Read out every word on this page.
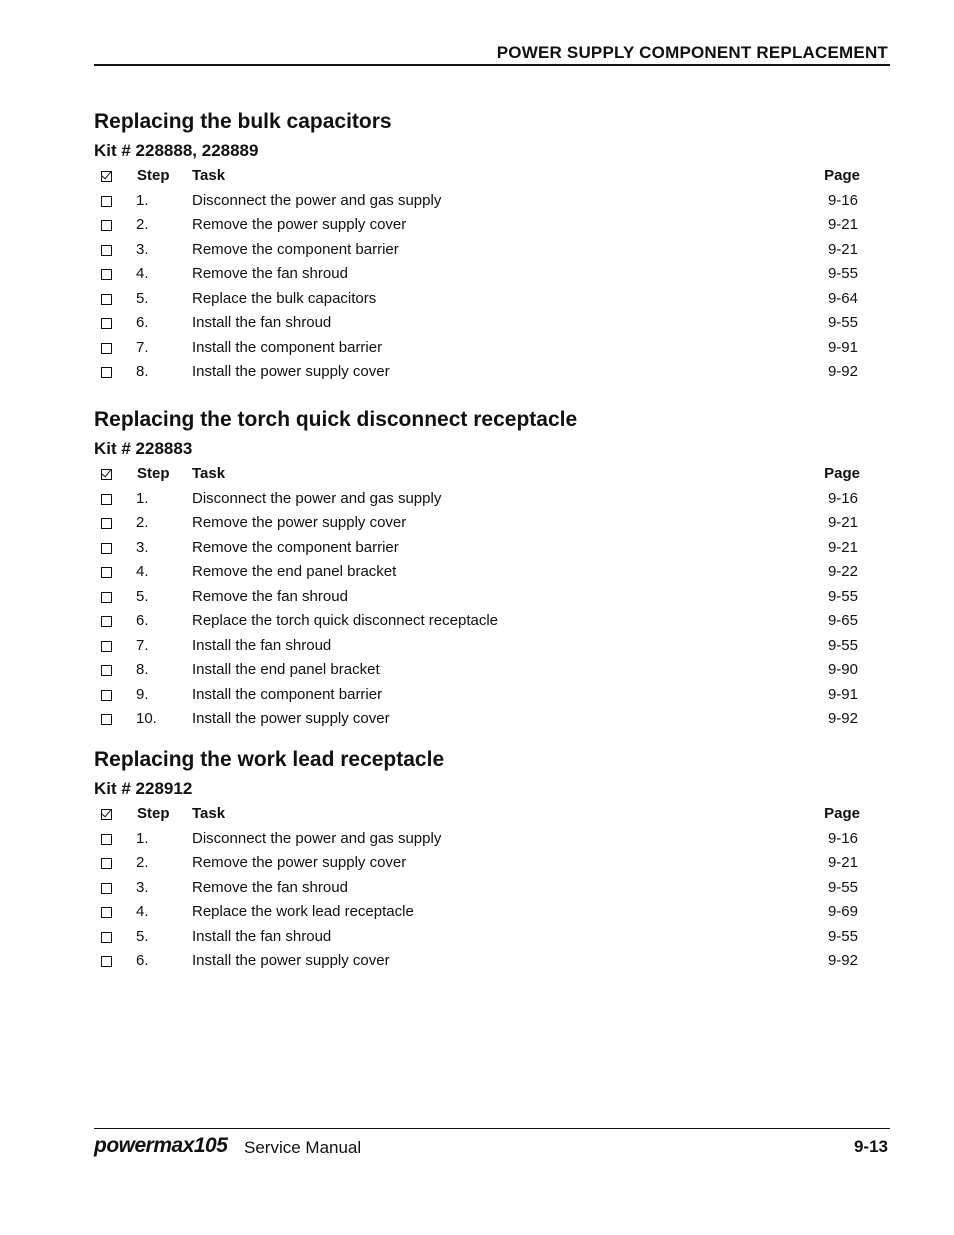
POWER SUPPLY COMPONENT REPLACEMENT
Replacing the bulk capacitors
Kit # 228888, 228889
Step	Task	Page
1.	Disconnect the power and gas supply	9-16
2.	Remove the power supply cover	9-21
3.	Remove the component barrier	9-21
4.	Remove the fan shroud	9-55
5.	Replace the bulk capacitors	9-64
6.	Install the fan shroud	9-55
7.	Install the component barrier	9-91
8.	Install the power supply cover	9-92
Replacing the torch quick disconnect receptacle
Kit # 228883
Step	Task	Page
1.	Disconnect the power and gas supply	9-16
2.	Remove the power supply cover	9-21
3.	Remove the component barrier	9-21
4.	Remove the end panel bracket	9-22
5.	Remove the fan shroud	9-55
6.	Replace the torch quick disconnect receptacle	9-65
7.	Install the fan shroud	9-55
8.	Install the end panel bracket	9-90
9.	Install the component barrier	9-91
10.	Install the power supply cover	9-92
Replacing the work lead receptacle
Kit # 228912
Step	Task	Page
1.	Disconnect the power and gas supply	9-16
2.	Remove the power supply cover	9-21
3.	Remove the fan shroud	9-55
4.	Replace the work lead receptacle	9-69
5.	Install the fan shroud	9-55
6.	Install the power supply cover	9-92
powermax105 Service Manual	9-13
